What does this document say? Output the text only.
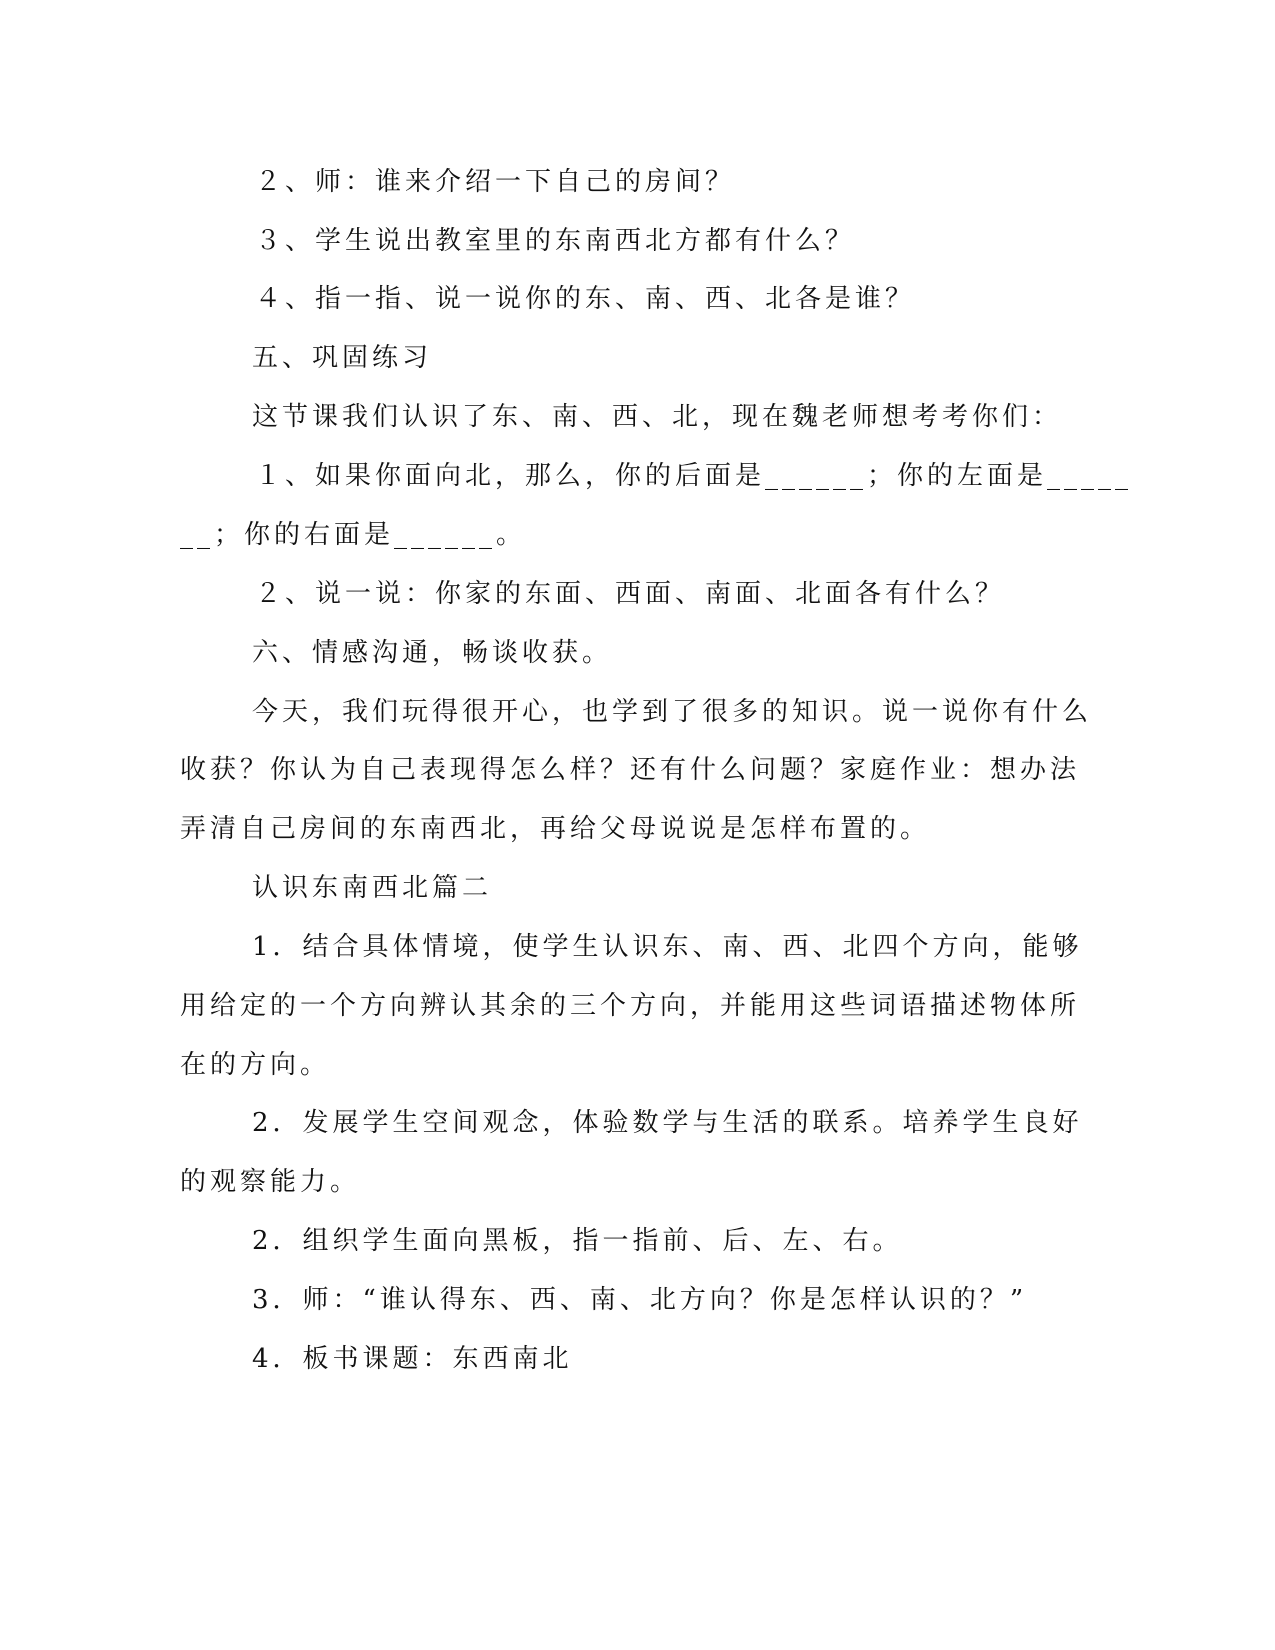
２、师：谁来介绍一下自己的房间？

３、学生说出教室里的东南西北方都有什么？

４、指一指、说一说你的东、南、西、北各是谁？

五、巩固练习

这节课我们认识了东、南、西、北，现在魏老师想考考你们：

１、如果你面向北，那么，你的后面是______；你的左面是_____

__；你的右面是______。

２、说一说：你家的东面、西面、南面、北面各有什么？

六、情感沟通，畅谈收获。

今天，我们玩得很开心，也学到了很多的知识。说一说你有什么

收获？你认为自己表现得怎么样？还有什么问题？家庭作业：想办法

弄清自己房间的东南西北，再给父母说说是怎样布置的。

认识东南西北篇二

1．结合具体情境，使学生认识东、南、西、北四个方向，能够

用给定的一个方向辨认其余的三个方向，并能用这些词语描述物体所

在的方向。

2．发展学生空间观念，体验数学与生活的联系。培养学生良好

的观察能力。

2．组织学生面向黑板，指一指前、后、左、右。

3．师：“谁认得东、西、南、北方向？你是怎样认识的？”

4．板书课题：东西南北
